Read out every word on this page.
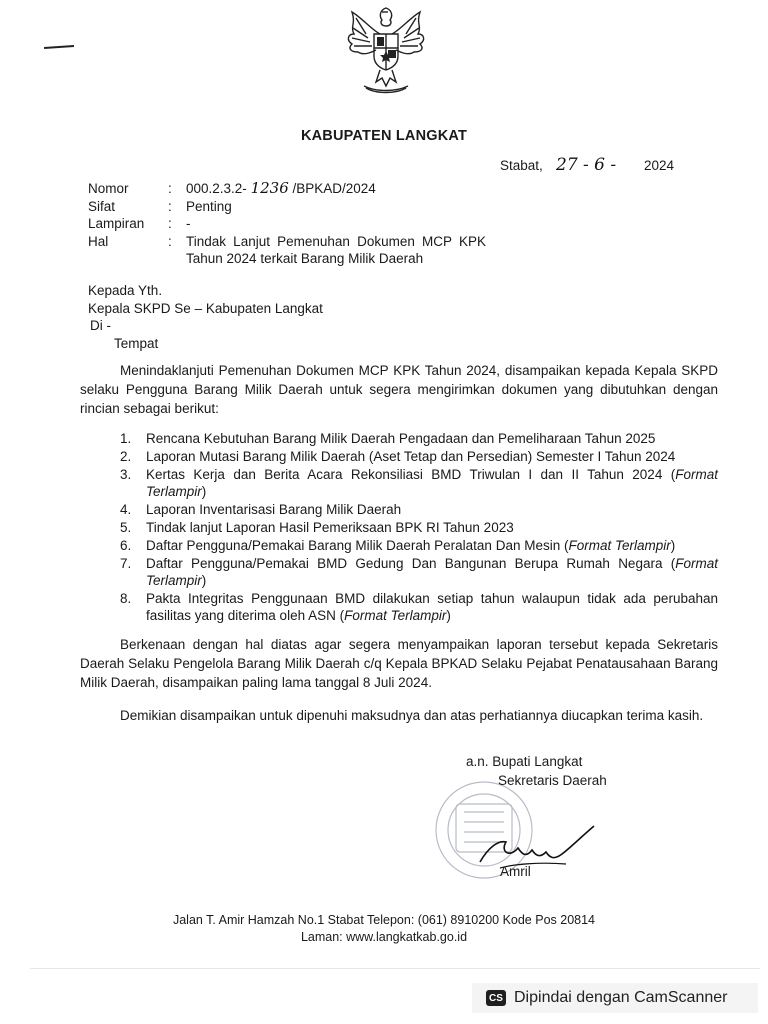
KABUPATEN LANGKAT
Stabat, 27 - 6 - 2024
Nomor	:	000.2.3.2- 1236 /BPKAD/2024
Sifat	:	Penting
Lampiran	:	-
Hal	:	Tindak Lanjut Pemenuhan Dokumen MCP KPK Tahun 2024 terkait Barang Milik Daerah
Kepada Yth.
Kepala SKPD Se – Kabupaten Langkat
Di -
Tempat
Menindaklanjuti Pemenuhan Dokumen MCP KPK Tahun 2024, disampaikan kepada Kepala SKPD selaku Pengguna Barang Milik Daerah untuk segera mengirimkan dokumen yang dibutuhkan dengan rincian sebagai berikut:
1.	Rencana Kebutuhan Barang Milik Daerah Pengadaan dan Pemeliharaan Tahun 2025
2.	Laporan Mutasi Barang Milik Daerah (Aset Tetap dan Persedian) Semester I Tahun 2024
3.	Kertas Kerja dan Berita Acara Rekonsiliasi BMD Triwulan I dan II Tahun 2024 (Format Terlampir)
4.	Laporan Inventarisasi Barang Milik Daerah
5.	Tindak lanjut Laporan Hasil Pemeriksaan BPK RI Tahun 2023
6.	Daftar Pengguna/Pemakai Barang Milik Daerah Peralatan Dan Mesin (Format Terlampir)
7.	Daftar Pengguna/Pemakai BMD Gedung Dan Bangunan Berupa Rumah Negara (Format Terlampir)
8.	Pakta Integritas Penggunaan BMD dilakukan setiap tahun walaupun tidak ada perubahan fasilitas yang diterima oleh ASN (Format Terlampir)
Berkenaan dengan hal diatas agar segera menyampaikan laporan tersebut kepada Sekretaris Daerah Selaku Pengelola Barang Milik Daerah c/q Kepala BPKAD Selaku Pejabat Penatausahaan Barang Milik Daerah, disampaikan paling lama tanggal 8 Juli 2024.
Demikian disampaikan untuk dipenuhi maksudnya dan atas perhatiannya diucapkan terima kasih.
a.n. Bupati Langkat
Sekretaris Daerah
Amril
Jalan T. Amir Hamzah No.1 Stabat Telepon: (061) 8910200 Kode Pos 20814
Laman: www.langkatkab.go.id
CS Dipindai dengan CamScanner
